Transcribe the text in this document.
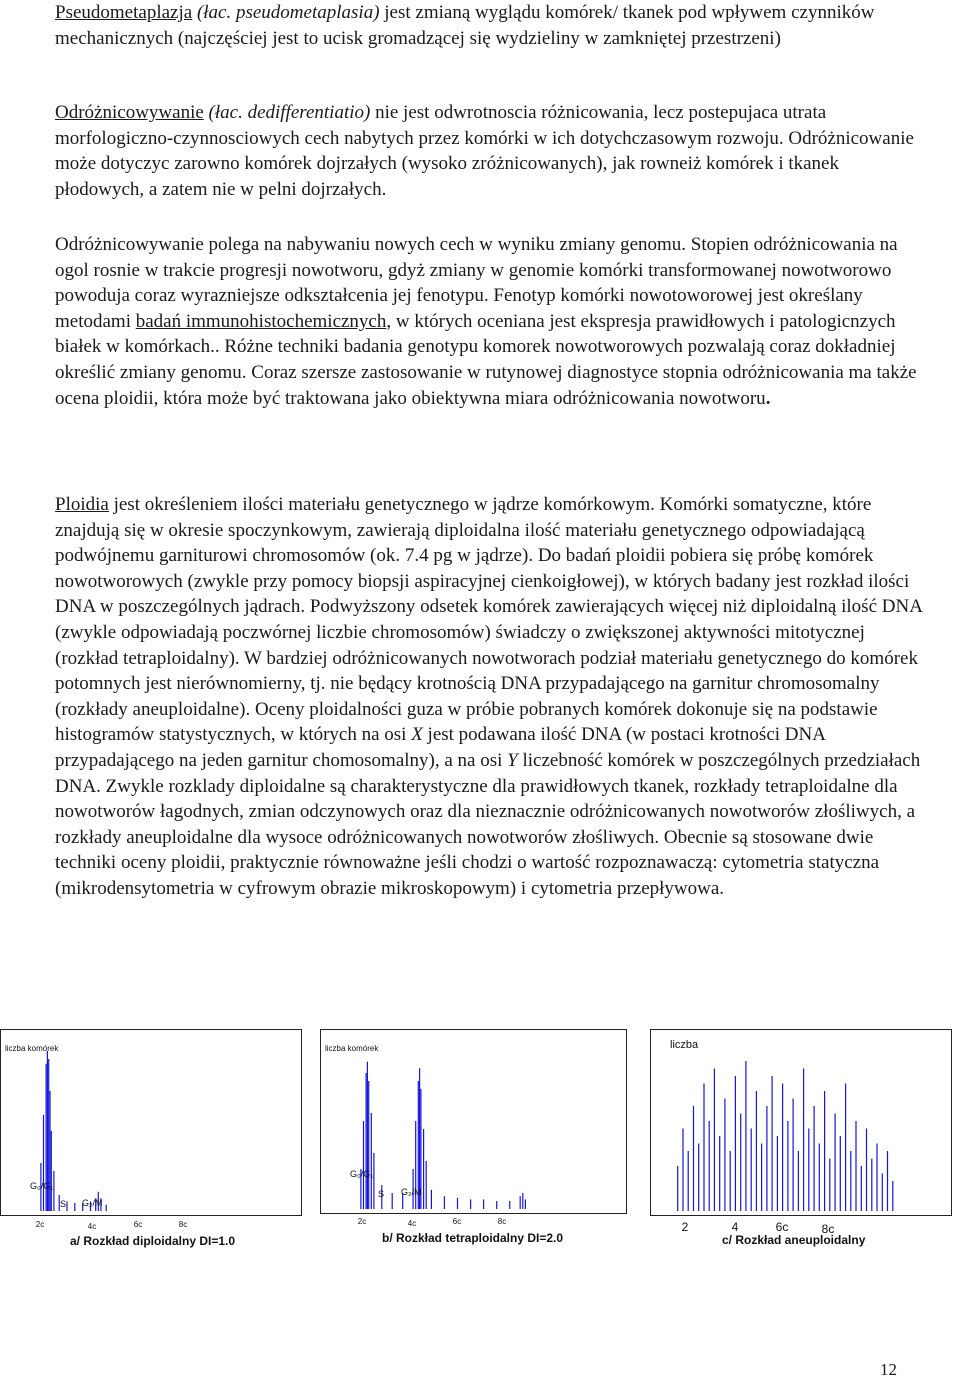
Pseudometaplazja (łac. pseudometaplasia) jest zmianą wyglądu komórek/ tkanek pod wpływem czynników mechanicznych (najczęściej jest to ucisk gromadzącej się wydzieliny w zamkniętej przestrzeni)

Odróżnicowywanie (łac. dedifferentiatio) nie jest odwrotnoscia różnicowania, lecz postepujaca utrata morfologiczno-czynnosciowych cech nabytych przez komórki w ich dotychczasowym rozwoju. Odróżnicowanie może dotyczyc zarowno komórek dojrzałych (wysoko zróżnicowanych), jak rowneiż komórek i tkanek płodowych, a zatem nie w pelni dojrzałych.

Odróżnicowywanie polega na nabywaniu nowych cech w wyniku zmiany genomu. Stopien odróżnicowania na ogol rosnie w trakcie progresji nowotworu, gdyż zmiany w genomie komórki transformowanej nowotworowo powoduja coraz wyrazniejsze odkształcenia jej fenotypu. Fenotyp komórki nowotoworowej jest określany metodami badań immunohistochemicznych, w których oceniana jest ekspresja prawidłowych i patologicnzych białek w komórkach.. Różne techniki badania genotypu komorek nowotworowych pozwalają coraz dokładniej określić zmiany genomu. Coraz szersze zastosowanie w rutynowej diagnostyce stopnia odróżnicowania ma także ocena ploidii, która może być traktowana jako obiektywna miara odróżnicowania nowotworu.

Ploidia jest określeniem ilości materiału genetycznego w jądrze komórkowym. Komórki somatyczne, które znajdują się w okresie spoczynkowym, zawierają diploidalna ilość materiału genetycznego odpowiadającą podwójnemu garniturowi chromosomów (ok. 7.4 pg w jądrze). Do badań ploidii pobiera się próbę komórek nowotworowych (zwykle przy pomocy biopsji aspiracyjnej cienkoigłowej), w których badany jest rozkład ilości DNA w poszczególnych jądrach. Podwyższony odsetek komórek zawierających więcej niż diploidalną ilość DNA (zwykle odpowiadają poczwórnej liczbie chromosomów) świadczy o zwiększonej aktywności mitotycznej (rozkład tetraploidalny). W bardziej odróżnicowanych nowotworach podział materiału genetycznego do komórek potomnych jest nierównomierny, tj. nie będący krotnością DNA przypadającego na garnitur chromosomalny (rozkłady aneuploidalne). Oceny ploidalności guza w próbie pobranych komórek dokonuje się na podstawie histogramów statystycznych, w których na osi X jest podawana ilość DNA (w postaci krotności DNA przypadającego na jeden garnitur chomosomalny), a na osi Y liczebność komórek w poszczególnych przedziałach DNA. Zwykle rozklady diploidalne są charakterystyczne dla prawidłowych tkanek, rozkłady tetraploidalne dla nowotworów łagodnych, zmian odczynowych oraz dla nieznacznie odróżnicowanych nowotworów złośliwych, a rozkłady aneuploidalne dla wysoce odróżnicowanych nowotworów złośliwych. Obecnie są stosowane dwie techniki oceny ploidii, praktycznie równoważne jeśli chodzi o wartość rozpoznawaczą: cytometria statyczna (mikrodensytometria w cyfrowym obrazie mikroskopowym) i cytometria przepływowa.

liczba komórek
G₀/G₁
S G₂/M
2c	4c	6c	8c
a/ Rozkład diploidalny DI=1.0
liczba komórek
G₀/G₁
S G₂/M
2c	4c	6c	8c
b/ Rozkład tetraploidalny DI=2.0
liczba
2	4	6c	8c
c/ Rozkład aneuploidalny
12
